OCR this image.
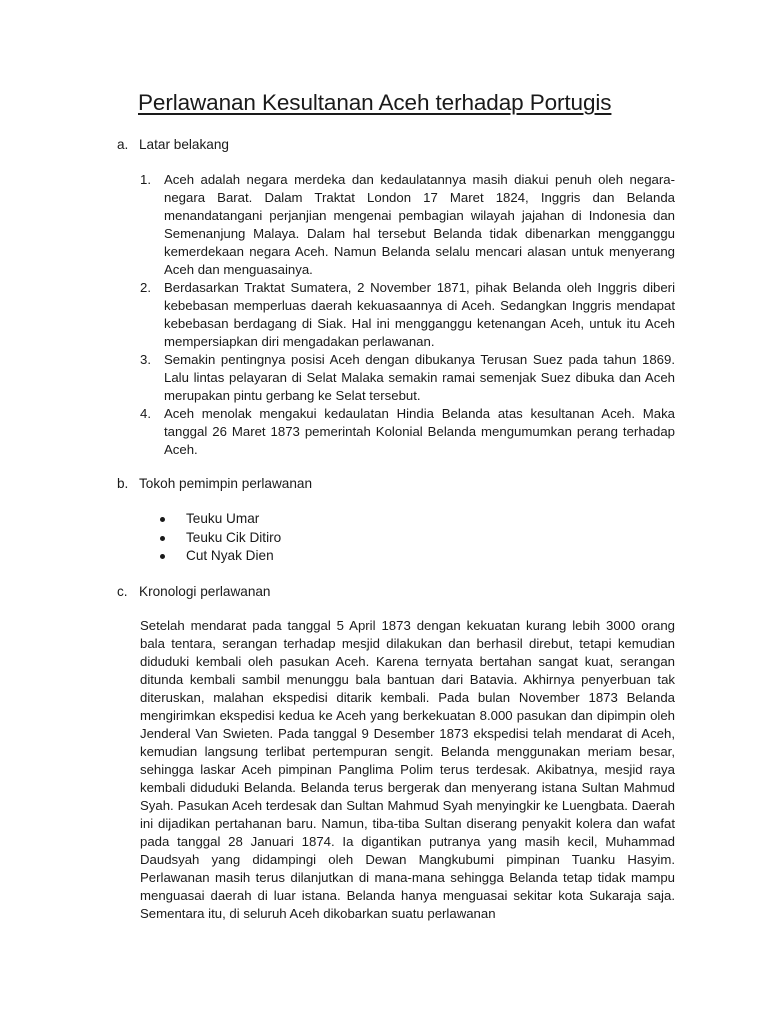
Perlawanan Kesultanan Aceh terhadap Portugis
a. Latar belakang
1. Aceh adalah negara merdeka dan kedaulatannya masih diakui penuh oleh negara-negara Barat. Dalam Traktat London 17 Maret 1824, Inggris dan Belanda menandatangani perjanjian mengenai pembagian wilayah jajahan di Indonesia dan Semenanjung Malaya. Dalam hal tersebut Belanda tidak dibenarkan mengganggu kemerdekaan negara Aceh. Namun Belanda selalu mencari alasan untuk menyerang Aceh dan menguasainya.
2. Berdasarkan Traktat Sumatera, 2 November 1871, pihak Belanda oleh Inggris diberi kebebasan memperluas daerah kekuasaannya di Aceh. Sedangkan Inggris mendapat kebebasan berdagang di Siak. Hal ini mengganggu ketenangan Aceh, untuk itu Aceh mempersiapkan diri mengadakan perlawanan.
3. Semakin pentingnya posisi Aceh dengan dibukanya Terusan Suez pada tahun 1869. Lalu lintas pelayaran di Selat Malaka semakin ramai semenjak Suez dibuka dan Aceh merupakan pintu gerbang ke Selat tersebut.
4. Aceh menolak mengakui kedaulatan Hindia Belanda atas kesultanan Aceh. Maka tanggal 26 Maret 1873 pemerintah Kolonial Belanda mengumumkan perang terhadap Aceh.
b. Tokoh pemimpin perlawanan
Teuku Umar
Teuku Cik Ditiro
Cut Nyak Dien
c. Kronologi perlawanan
Setelah mendarat pada tanggal 5 April 1873 dengan kekuatan kurang lebih 3000 orang bala tentara, serangan terhadap mesjid dilakukan dan berhasil direbut, tetapi kemudian diduduki kembali oleh pasukan Aceh. Karena ternyata bertahan sangat kuat, serangan ditunda kembali sambil menunggu bala bantuan dari Batavia. Akhirnya penyerbuan tak diteruskan, malahan ekspedisi ditarik kembali. Pada bulan November 1873 Belanda mengirimkan ekspedisi kedua ke Aceh yang berkekuatan 8.000 pasukan dan dipimpin oleh Jenderal Van Swieten. Pada tanggal 9 Desember 1873 ekspedisi telah mendarat di Aceh, kemudian langsung terlibat pertempuran sengit. Belanda menggunakan meriam besar, sehingga laskar Aceh pimpinan Panglima Polim terus terdesak. Akibatnya, mesjid raya kembali diduduki Belanda. Belanda terus bergerak dan menyerang istana Sultan Mahmud Syah. Pasukan Aceh terdesak dan Sultan Mahmud Syah menyingkir ke Luengbata. Daerah ini dijadikan pertahanan baru. Namun, tiba-tiba Sultan diserang penyakit kolera dan wafat pada tanggal 28 Januari 1874. Ia digantikan putranya yang masih kecil, Muhammad Daudsyah yang didampingi oleh Dewan Mangkubumi pimpinan Tuanku Hasyim. Perlawanan masih terus dilanjutkan di mana-mana sehingga Belanda tetap tidak mampu menguasai daerah di luar istana. Belanda hanya menguasai sekitar kota Sukaraja saja. Sementara itu, di seluruh Aceh dikobarkan suatu perlawanan
